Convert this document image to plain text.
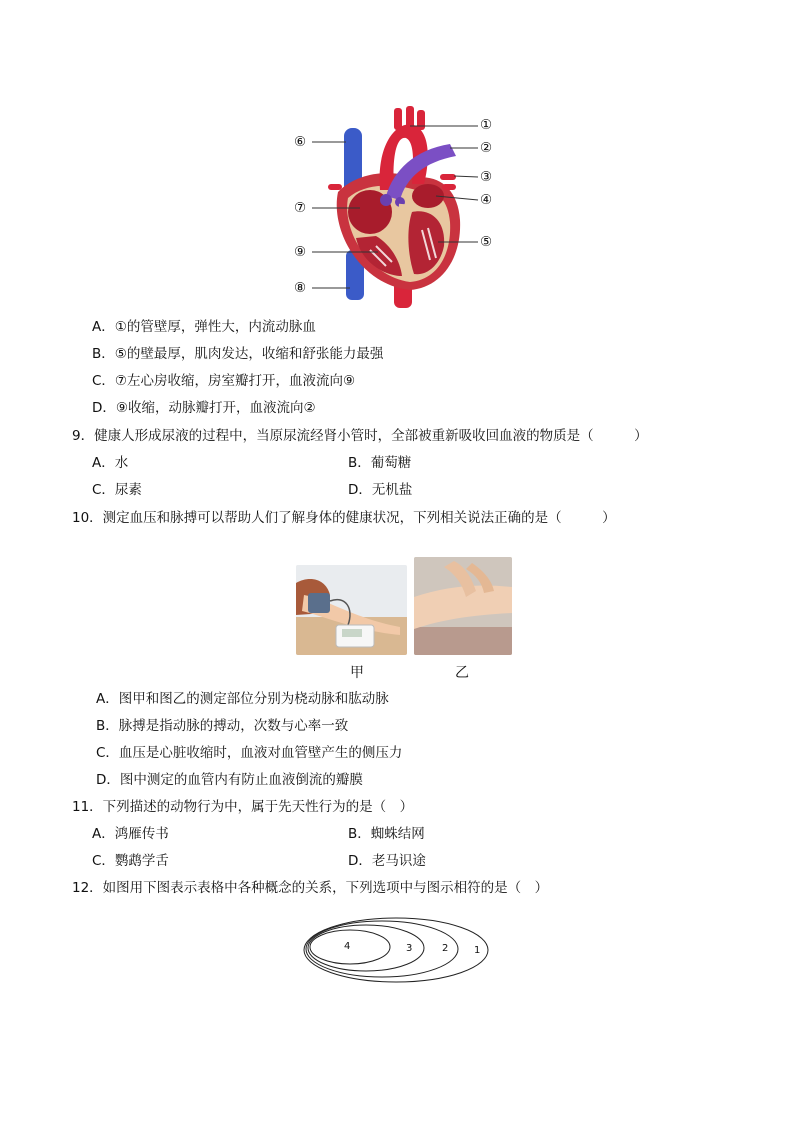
①
②
③
④
⑤
⑥
⑦
⑧
⑨
A．①的管壁厚，弹性大，内流动脉血
B．⑤的壁最厚，肌肉发达，收缩和舒张能力最强
C．⑦左心房收缩，房室瓣打开，血液流向⑨
D．⑨收缩，动脉瓣打开，血液流向②
9．健康人形成尿液的过程中，当原尿流经肾小管时，全部被重新吸收回血液的物质是（　　　）
A．水	B．葡萄糖
C．尿素	D．无机盐
10．测定血压和脉搏可以帮助人们了解身体的健康状况，下列相关说法正确的是（　　　）
甲	乙
A．图甲和图乙的测定部位分别为桡动脉和肱动脉
B．脉搏是指动脉的搏动，次数与心率一致
C．血压是心脏收缩时，血液对血管壁产生的侧压力
D．图中测定的血管内有防止血液倒流的瓣膜
11．下列描述的动物行为中，属于先天性行为的是（　）
A．鸿雁传书	B．蜘蛛结网
C．鹦鹉学舌	D．老马识途
12．如图用下图表示表格中各种概念的关系，下列选项中与图示相符的是（　）
4	3	2	1
